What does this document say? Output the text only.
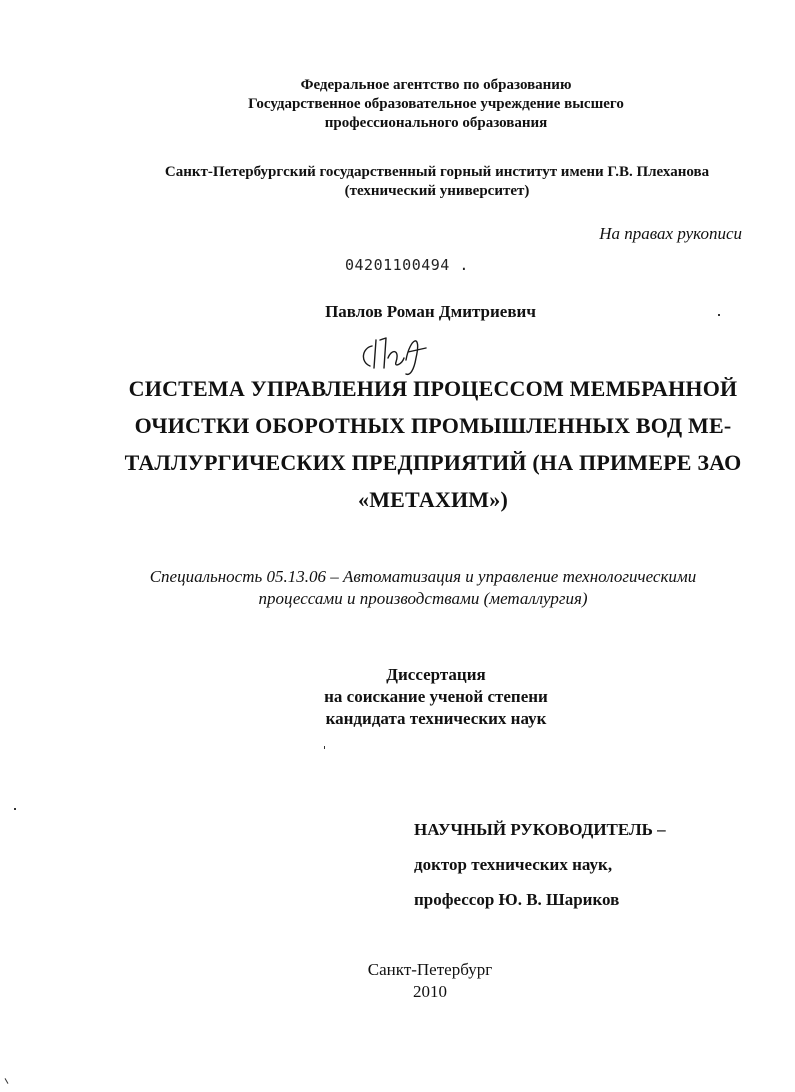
Федеральное агентство по образованию
Государственное образовательное учреждение высшего
профессионального образования
Санкт-Петербургский государственный горный институт имени Г.В. Плеханова
(технический университет)
На правах рукописи
04201100494 .
Павлов Роман Дмитриевич
СИСТЕМА УПРАВЛЕНИЯ ПРОЦЕССОМ МЕМБРАННОЙ
ОЧИСТКИ ОБОРОТНЫХ ПРОМЫШЛЕННЫХ ВОД МЕ-
ТАЛЛУРГИЧЕСКИХ ПРЕДПРИЯТИЙ (НА ПРИМЕРЕ ЗАО
«МЕТАХИМ»)
Специальность 05.13.06 – Автоматизация и управление технологическими
процессами и производствами (металлургия)
Диссертация
на соискание ученой степени
кандидата технических наук
НАУЧНЫЙ РУКОВОДИТЕЛЬ –
доктор технических наук,
профессор Ю. В. Шариков
Санкт-Петербург
2010
